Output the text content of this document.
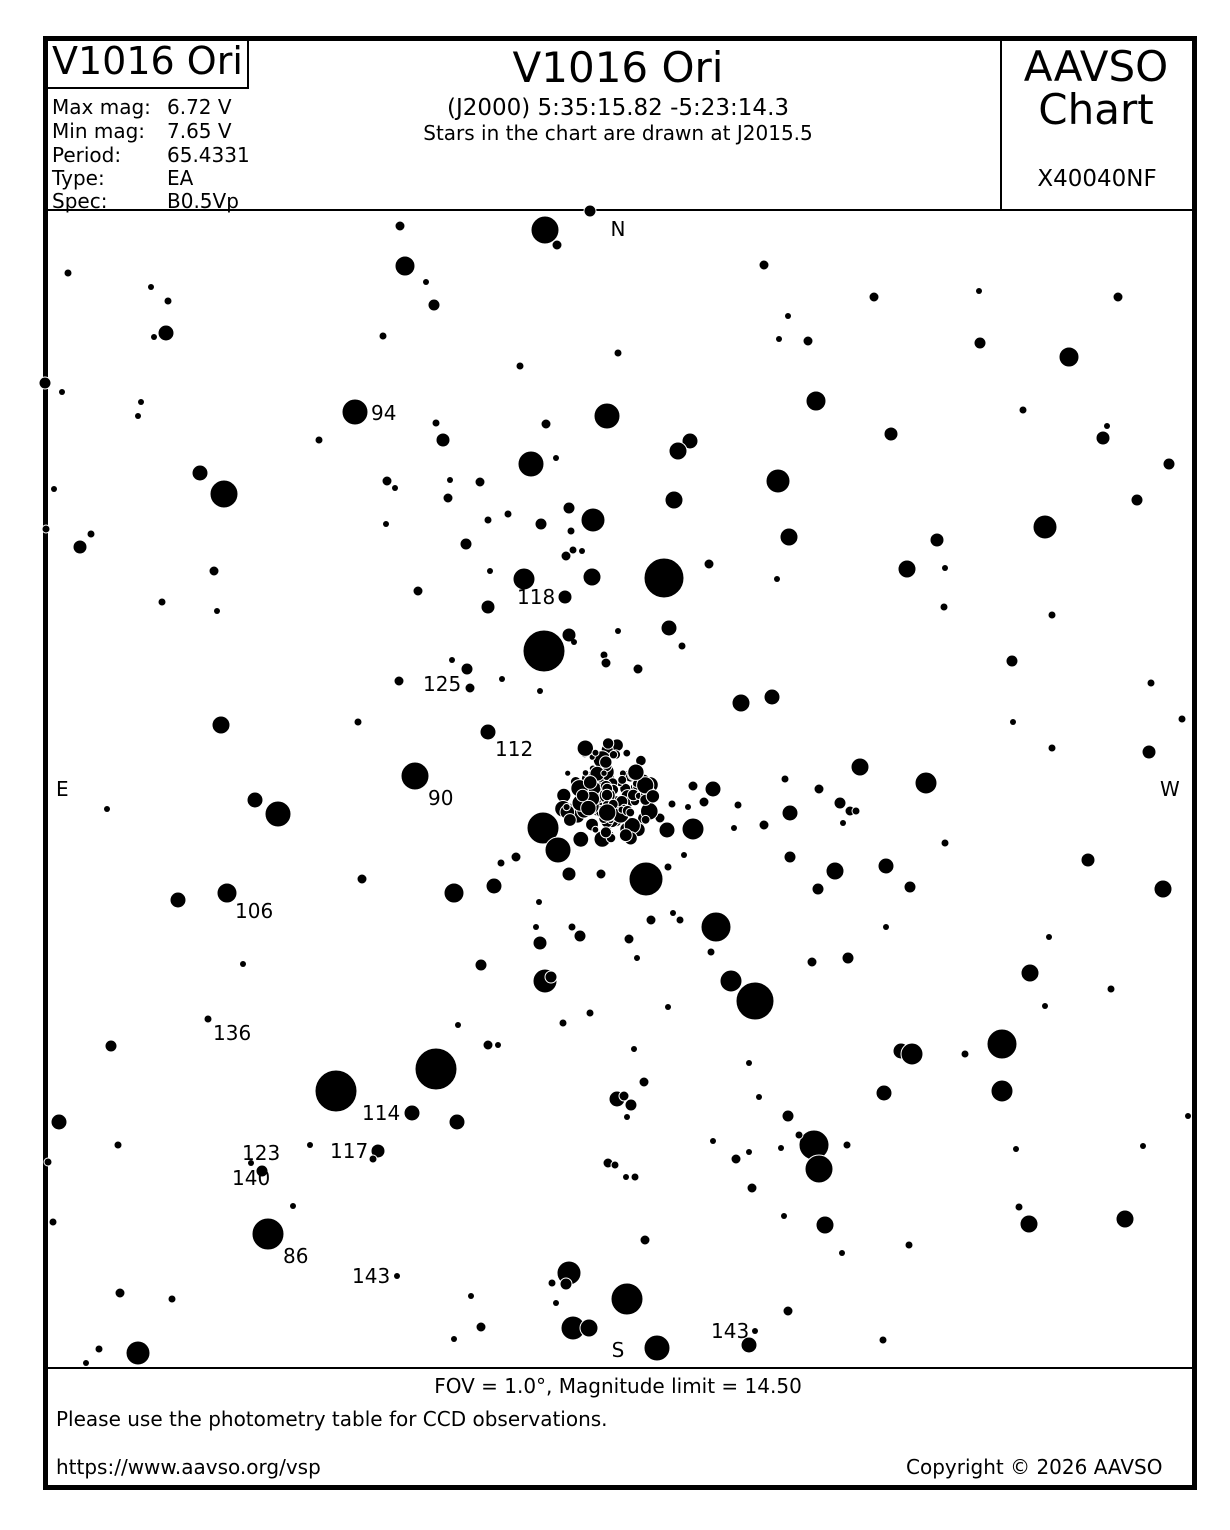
V1016 Ori
Max mag: 6.72 V
Min mag: 7.65 V
Period: 65.4331
Type:	EA
Spec:	B0.5Vp
V1016 Ori
(J2000) 5:35:15.82 -5:23:14.3
Stars in the chart are drawn at J2015.5
AAVSO
Chart
X40040NF
N
S
E	W
94
118
125
112
90
106
136
114
117
123
140
86
143
143
FOV = 1.0°, Magnitude limit = 14.50
Please use the photometry table for CCD observations.
https://www.aavso.org/vsp	Copyright © 2026 AAVSO
